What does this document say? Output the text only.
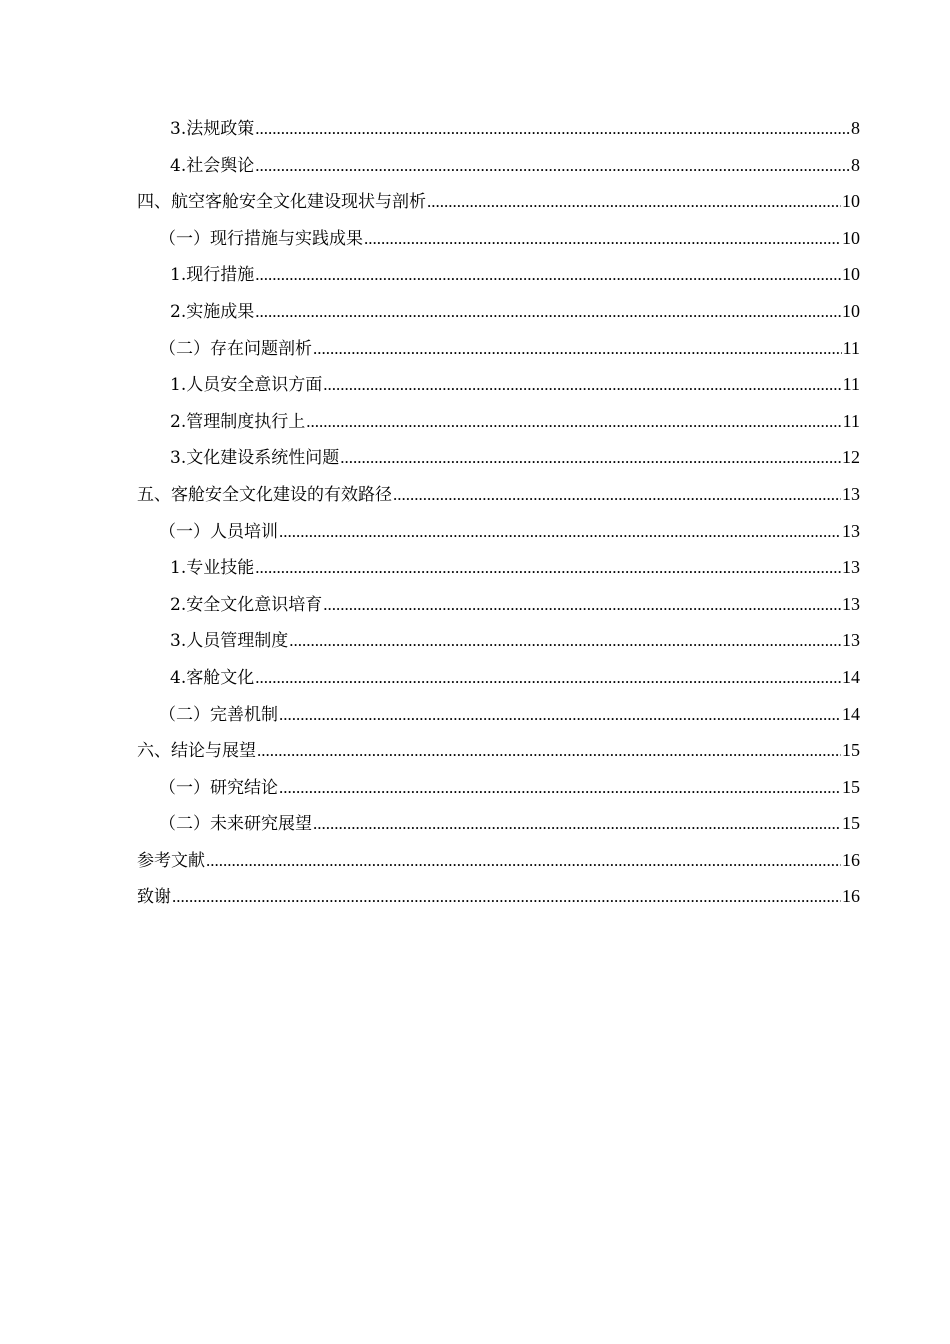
3.法规政策 .....	8
4.社会舆论 .....	8
四、航空客舱安全文化建设现状与剖析 .....	10
（一）现行措施与实践成果 .....	10
1.现行措施 .....	10
2.实施成果 .....	10
（二）存在问题剖析 .....	11
1.人员安全意识方面 .....	11
2.管理制度执行上 .....	11
3.文化建设系统性问题 .....	12
五、客舱安全文化建设的有效路径 .....	13
（一）人员培训 .....	13
1.专业技能 .....	13
2.安全文化意识培育 .....	13
3.人员管理制度 .....	13
4.客舱文化 .....	14
（二）完善机制 .....	14
六、结论与展望 .....	15
（一）研究结论 .....	15
（二）未来研究展望 .....	15
参考文献 .....	16
致谢 .....	16
